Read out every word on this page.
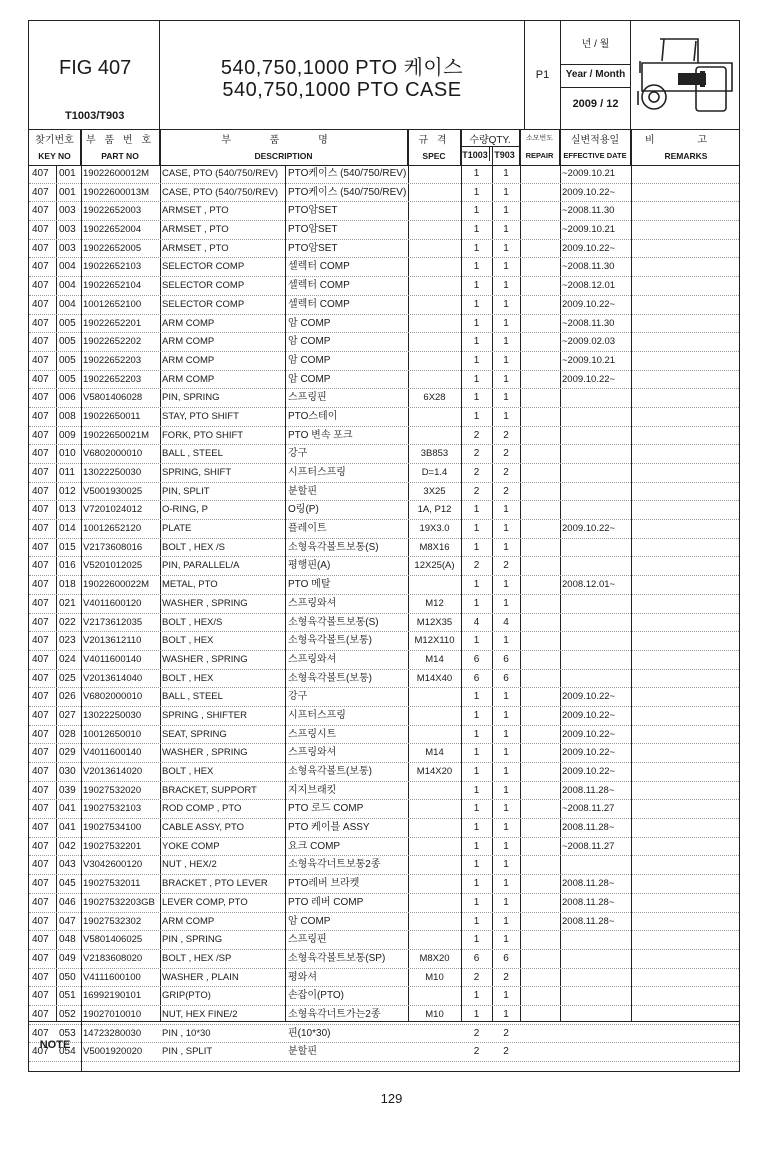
FIG 407
T1003/T903
540,750,1000 PTO 케이스
540,750,1000 PTO CASE
P1
년 / 월
Year / Month
2009 / 12
찾기번호
KEY NO
부 품 번 호
PART NO
부 품 명
DESCRIPTION
규 격
SPEC
수량QTY.
T1003 T903
소모번도
REPAIR
실변적용일
EFFECTIVE DATE
비 고
REMARKS
407	001 19022600012M	CASE, PTO (540/750/REV)	PTO케이스 (540/750/REV)	1	1	~2009.10.21
407	001 19022600013M	CASE, PTO (540/750/REV)	PTO케이스 (540/750/REV)	1	1	2009.10.22~
407	003 19022652003	ARMSET , PTO	PTO암SET	1	1	~2008.11.30
407	003 19022652004	ARMSET , PTO	PTO암SET	1	1	~2009.10.21
407	003 19022652005	ARMSET , PTO	PTO암SET	1	1	2009.10.22~
407	004 19022652103	SELECTOR COMP	셀렉터 COMP	1	1	~2008.11.30
407	004 19022652104	SELECTOR COMP	셀렉터 COMP	1	1	~2008.12.01
407	004 10012652100	SELECTOR COMP	셀렉터 COMP	1	1	2009.10.22~
407	005 19022652201	ARM COMP	암 COMP	1	1	~2008.11.30
407	005 19022652202	ARM COMP	암 COMP	1	1	~2009.02.03
407	005 19022652203	ARM COMP	암 COMP	1	1	~2009.10.21
407	005 19022652203	ARM COMP	암 COMP	1	1	2009.10.22~
407	006 V5801406028	PIN, SPRING	스프링핀	6X28	1	1
407	008 19022650011	STAY, PTO SHIFT	PTO스테이	1	1
407	009 19022650021M	FORK, PTO SHIFT	PTO 변속 포크	2	2
407	010 V6802000010	BALL , STEEL	강구	3B853	2	2
407	011 13022250030	SPRING, SHIFT	시프터스프링	D=1.4	2	2
407	012 V5001930025	PIN, SPLIT	분할핀	3X25	2	2
407	013 V7201024012	O-RING, P	O링(P)	1A, P12	1	1
407	014 10012652120	PLATE	플레이트	19X3.0	1	1	2009.10.22~
407	015 V2173608016	BOLT , HEX /S	소형육각볼트보통(S)	M8X16	1	1
407	016 V5201012025	PIN, PARALLEL/A	평행핀(A)	12X25(A)	2	2
407	018 19022600022M	METAL, PTO	PTO 메탈	1	1	2008.12.01~
407	021 V4011600120	WASHER , SPRING	스프링와셔	M12	1	1
407	022 V2173612035	BOLT , HEX/S	소형육각볼트보통(S)	M12X35	4	4
407	023 V2013612110	BOLT , HEX	소형육각볼트(보통)	M12X110	1	1
407	024 V4011600140	WASHER , SPRING	스프링와셔	M14	6	6
407	025 V2013614040	BOLT , HEX	소형육각볼트(보통)	M14X40	6	6
407	026 V6802000010	BALL , STEEL	강구	1	1	2009.10.22~
407	027 13022250030	SPRING , SHIFTER	시프터스프링	1	1	2009.10.22~
407	028 10012650010	SEAT, SPRING	스프링시트	1	1	2009.10.22~
407	029 V4011600140	WASHER , SPRING	스프링와셔	M14	1	1	2009.10.22~
407	030 V2013614020	BOLT , HEX	소형육각볼트(보통)	M14X20	1	1	2009.10.22~
407	039 19027532020	BRACKET, SUPPORT	지지브래킷	1	1	2008.11.28~
407	041 19027532103	ROD COMP , PTO	PTO 로드 COMP	1	1	~2008.11.27
407	041 19027534100	CABLE ASSY, PTO	PTO 케이블 ASSY	1	1	2008.11.28~
407	042 19027532201	YOKE COMP	요크 COMP	1	1	~2008.11.27
407	043 V3042600120	NUT , HEX/2	소형육각너트보통2종	1	1
407	045 19027532011	BRACKET , PTO LEVER	PTO레버 브라켓	1	1	2008.11.28~
407	046 19027532203GB LEVER COMP, PTO	PTO 레버 COMP	1	1	2008.11.28~
407	047 19027532302	ARM COMP	암 COMP	1	1	2008.11.28~
407	048 V5801406025	PIN , SPRING	스프링핀	1	1
407	049 V2183608020	BOLT , HEX /SP	소형육각볼트보통(SP)	M8X20	6	6
407	050 V4111600100	WASHER , PLAIN	평와셔	M10	2	2
407	051 16992190101	GRIP(PTO)	손잡이(PTO)	1	1
407	052 19027010010	NUT, HEX FINE/2	소형육각너트가는2종	M10	1	1
407	053 14723280030	PIN , 10*30	핀(10*30)	2	2
407	054 V5001920020	PIN , SPLIT	분할핀	2	2
NOTE
129
